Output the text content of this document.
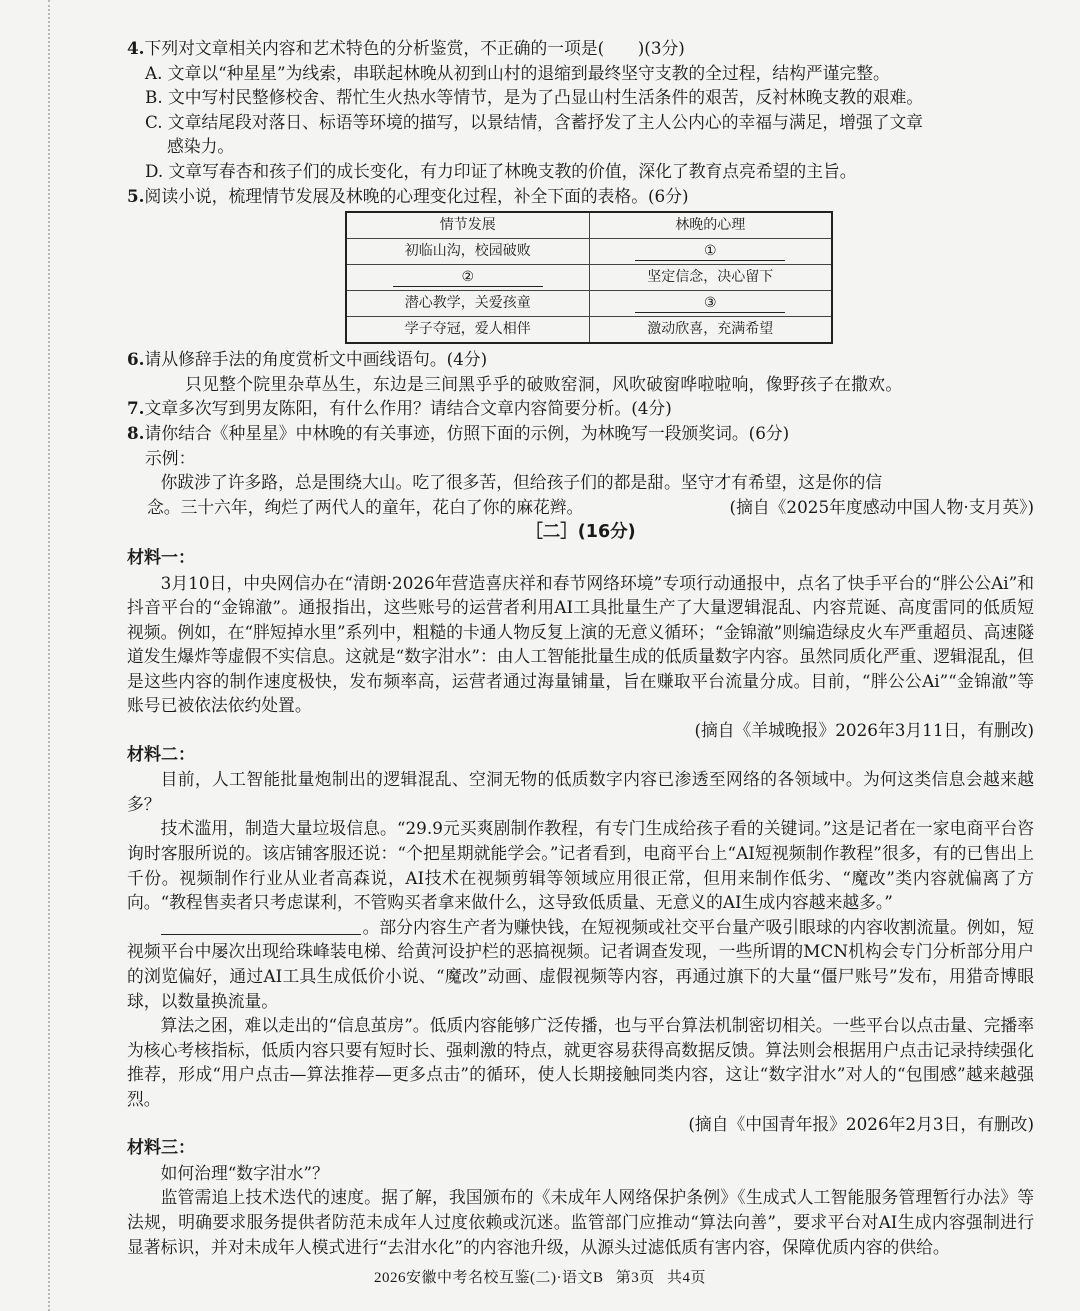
4.下列对文章相关内容和艺术特色的分析鉴赏，不正确的一项是(　　)(3分)

A. 文章以“种星星”为线索，串联起林晚从初到山村的退缩到最终坚守支教的全过程，结构严谨完整。

B. 文中写村民整修校舍、帮忙生火热水等情节，是为了凸显山村生活条件的艰苦，反衬林晚支教的艰难。

C. 文章结尾段对落日、标语等环境的描写，以景结情，含蓄抒发了主人公内心的幸福与满足，增强了文章

感染力。

D. 文章写春杏和孩子们的成长变化，有力印证了林晚支教的价值，深化了教育点亮希望的主旨。

5.阅读小说，梳理情节发展及林晚的心理变化过程，补全下面的表格。(6分)

情节发展	林晚的心理
初临山沟，校园破败	①
②	坚定信念，决心留下
潜心教学，关爱孩童	③
学子夺冠，爱人相伴	激动欣喜，充满希望

6.请从修辞手法的角度赏析文中画线语句。(4分)

只见整个院里杂草丛生，东边是三间黑乎乎的破败窑洞，风吹破窗哗啦啦响，像野孩子在撒欢。

7.文章多次写到男友陈阳，有什么作用？请结合文章内容简要分析。(4分)

8.请你结合《种星星》中林晚的有关事迹，仿照下面的示例，为林晚写一段颁奖词。(6分)

示例：

你跋涉了许多路，总是围绕大山。吃了很多苦，但给孩子们的都是甜。坚守才有希望，这是你的信

念。三十六年，绚烂了两代人的童年，花白了你的麻花辫。	(摘自《2025年度感动中国人物·支月英》)

［二］(16分)

材料一：

3月10日，中央网信办在“清朗·2026年营造喜庆祥和春节网络环境”专项行动通报中，点名了快手平台的“胖公公Ai”和抖音平台的“金锦澈”。通报指出，这些账号的运营者利用AI工具批量生产了大量逻辑混乱、内容荒诞、高度雷同的低质短视频。例如，在“胖短掉水里”系列中，粗糙的卡通人物反复上演的无意义循环；“金锦澈”则编造绿皮火车严重超员、高速隧道发生爆炸等虚假不实信息。这就是“数字泔水”：由人工智能批量生成的低质量数字内容。虽然同质化严重、逻辑混乱，但是这些内容的制作速度极快，发布频率高，运营者通过海量铺量，旨在赚取平台流量分成。目前，“胖公公Ai”“金锦澈”等账号已被依法依约处置。

(摘自《羊城晚报》2026年3月11日，有删改)

材料二：

目前，人工智能批量炮制出的逻辑混乱、空洞无物的低质数字内容已渗透至网络的各领域中。为何这类信息会越来越多？

技术滥用，制造大量垃圾信息。“29.9元买爽剧制作教程，有专门生成给孩子看的关键词。”这是记者在一家电商平台咨询时客服所说的。该店铺客服还说：“个把星期就能学会。”记者看到，电商平台上“AI短视频制作教程”很多，有的已售出上千份。视频制作行业从业者高森说，AI技术在视频剪辑等领域应用很正常，但用来制作低劣、“魔改”类内容就偏离了方向。“教程售卖者只考虑谋利，不管购买者拿来做什么，这导致低质量、无意义的AI生成内容越来越多。”

。部分内容生产者为赚快钱，在短视频或社交平台量产吸引眼球的内容收割流量。例如，短视频平台中屡次出现给珠峰装电梯、给黄河设护栏的恶搞视频。记者调查发现，一些所谓的MCN机构会专门分析部分用户的浏览偏好，通过AI工具生成低价小说、“魔改”动画、虚假视频等内容，再通过旗下的大量“僵尸账号”发布，用猎奇博眼球，以数量换流量。

算法之困，难以走出的“信息茧房”。低质内容能够广泛传播，也与平台算法机制密切相关。一些平台以点击量、完播率为核心考核指标，低质内容只要有短时长、强刺激的特点，就更容易获得高数据反馈。算法则会根据用户点击记录持续强化推荐，形成“用户点击—算法推荐—更多点击”的循环，使人长期接触同类内容，这让“数字泔水”对人的“包围感”越来越强烈。

(摘自《中国青年报》2026年2月3日，有删改)

材料三：

如何治理“数字泔水”？

监管需追上技术迭代的速度。据了解，我国颁布的《未成年人网络保护条例》《生成式人工智能服务管理暂行办法》等法规，明确要求服务提供者防范未成年人过度依赖或沉迷。监管部门应推动“算法向善”，要求平台对AI生成内容强制进行显著标识，并对未成年人模式进行“去泔水化”的内容池升级，从源头过滤低质有害内容，保障优质内容的供给。

2026安徽中考名校互鉴(二)·语文B 第3页 共4页
